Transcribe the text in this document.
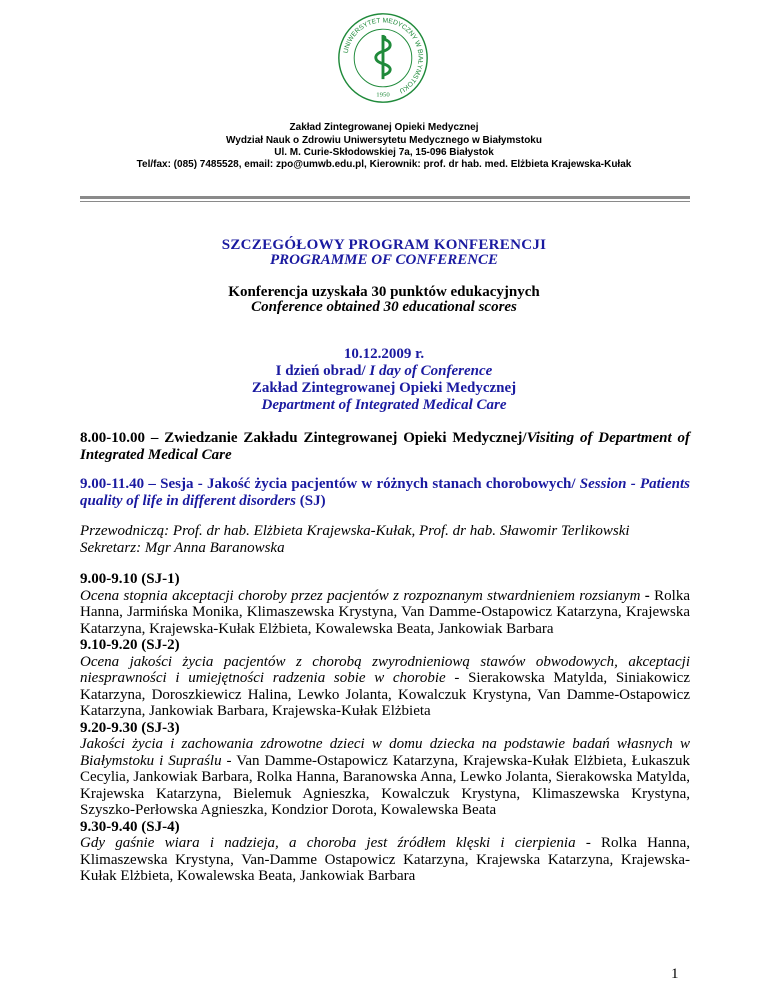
UNIWERSYTET MEDYCZNY W BIAŁYMSTOKU
1950
Zakład Zintegrowanej Opieki Medycznej
Wydział Nauk o Zdrowiu Uniwersytetu Medycznego w Białymstoku
Ul. M. Curie-Skłodowskiej 7a, 15-096 Białystok
Tel/fax: (085) 7485528, email: zpo@umwb.edu.pl, Kierownik: prof. dr hab. med. Elżbieta Krajewska-Kułak
SZCZEGÓŁOWY PROGRAM KONFERENCJI
PROGRAMME OF CONFERENCE
Konferencja uzyskała 30 punktów edukacyjnych
Conference obtained 30 educational scores
10.12.2009 r.
I dzień obrad/ I day of Conference
Zakład Zintegrowanej Opieki Medycznej
Department of Integrated Medical Care
8.00-10.00 – Zwiedzanie Zakładu Zintegrowanej Opieki Medycznej/Visiting of Department of Integrated Medical Care
9.00-11.40 – Sesja - Jakość życia pacjentów w różnych stanach chorobowych/ Session - Patients quality of life in different disorders (SJ)
Przewodniczą: Prof. dr hab. Elżbieta Krajewska-Kułak, Prof. dr hab. Sławomir Terlikowski
Sekretarz: Mgr Anna Baranowska
9.00-9.10 (SJ-1)
Ocena stopnia akceptacji choroby przez pacjentów z rozpoznanym stwardnieniem rozsianym - Rolka Hanna, Jarmińska Monika, Klimaszewska Krystyna, Van Damme-Ostapowicz Katarzyna, Krajewska Katarzyna, Krajewska-Kułak Elżbieta, Kowalewska Beata, Jankowiak Barbara
9.10-9.20 (SJ-2)
Ocena jakości życia pacjentów z chorobą zwyrodnieniową stawów obwodowych, akceptacji niesprawności i umiejętności radzenia sobie w chorobie - Sierakowska Matylda, Siniakowicz Katarzyna, Doroszkiewicz Halina, Lewko Jolanta, Kowalczuk Krystyna, Van Damme-Ostapowicz Katarzyna, Jankowiak Barbara, Krajewska-Kułak Elżbieta
9.20-9.30 (SJ-3)
Jakości życia i zachowania zdrowotne dzieci w domu dziecka na podstawie badań własnych w Białymstoku i Supraślu - Van Damme-Ostapowicz Katarzyna, Krajewska-Kułak Elżbieta, Łukaszuk Cecylia, Jankowiak Barbara, Rolka Hanna, Baranowska Anna, Lewko Jolanta, Sierakowska Matylda, Krajewska Katarzyna, Bielemuk Agnieszka, Kowalczuk Krystyna, Klimaszewska Krystyna, Szyszko-Perłowska Agnieszka, Kondzior Dorota, Kowalewska Beata
9.30-9.40 (SJ-4)
Gdy gaśnie wiara i nadzieja, a choroba jest źródłem klęski i cierpienia - Rolka Hanna, Klimaszewska Krystyna, Van-Damme Ostapowicz Katarzyna, Krajewska Katarzyna, Krajewska-Kułak Elżbieta, Kowalewska Beata, Jankowiak Barbara
1
